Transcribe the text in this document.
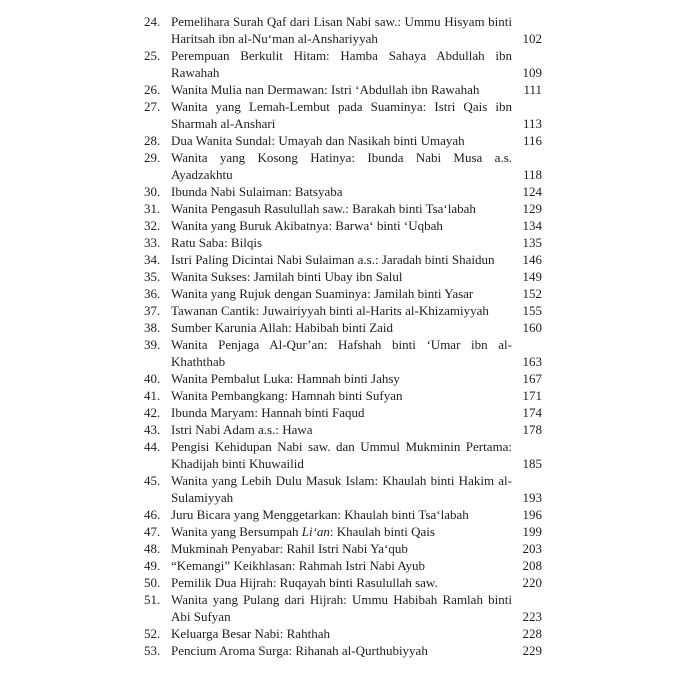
24. Pemelihara Surah Qaf dari Lisan Nabi saw.: Ummu Hisyam binti Haritsah ibn al-Nu‘man al-Anshariyyah	102
25. Perempuan Berkulit Hitam: Hamba Sahaya Abdullah ibn Rawahah	109
26. Wanita Mulia nan Dermawan: Istri ‘Abdullah ibn Rawahah	111
27. Wanita yang Lemah-Lembut pada Suaminya: Istri Qais ibn Sharmah al-Anshari	113
28. Dua Wanita Sundal: Umayah dan Nasikah binti Umayah	116
29. Wanita yang Kosong Hatinya: Ibunda Nabi Musa a.s. Ayadzakhtu	118
30. Ibunda Nabi Sulaiman: Batsyaba	124
31. Wanita Pengasuh Rasulullah saw.: Barakah binti Tsa‘labah	129
32. Wanita yang Buruk Akibatnya: Barwa‘ binti ‘Uqbah	134
33. Ratu Saba: Bilqis	135
34. Istri Paling Dicintai Nabi Sulaiman a.s.: Jaradah binti Shaidun	146
35. Wanita Sukses: Jamilah binti Ubay ibn Salul	149
36. Wanita yang Rujuk dengan Suaminya: Jamilah binti Yasar	152
37. Tawanan Cantik: Juwairiyyah binti al-Harits al-Khizamiyyah	155
38. Sumber Karunia Allah: Habibah binti Zaid	160
39. Wanita Penjaga Al-Qur’an: Hafshah binti ‘Umar ibn al-Khaththab	163
40. Wanita Pembalut Luka: Hamnah binti Jahsy	167
41. Wanita Pembangkang: Hamnah binti Sufyan	171
42. Ibunda Maryam: Hannah binti Faqud	174
43. Istri Nabi Adam a.s.: Hawa	178
44. Pengisi Kehidupan Nabi saw. dan Ummul Mukminin Pertama: Khadijah binti Khuwailid	185
45. Wanita yang Lebih Dulu Masuk Islam: Khaulah binti Hakim al-Sulamiyyah	193
46. Juru Bicara yang Menggetarkan: Khaulah binti Tsa‘labah	196
47. Wanita yang Bersumpah Li‘an: Khaulah binti Qais	199
48. Mukminah Penyabar: Rahil Istri Nabi Ya‘qub	203
49. “Kemangi” Keikhlasan: Rahmah Istri Nabi Ayub	208
50. Pemilik Dua Hijrah: Ruqayah binti Rasulullah saw.	220
51. Wanita yang Pulang dari Hijrah: Ummu Habibah Ramlah binti Abi Sufyan	223
52. Keluarga Besar Nabi: Rahthah	228
53. Pencium Aroma Surga: Rihanah al-Qurthubiyyah	229
